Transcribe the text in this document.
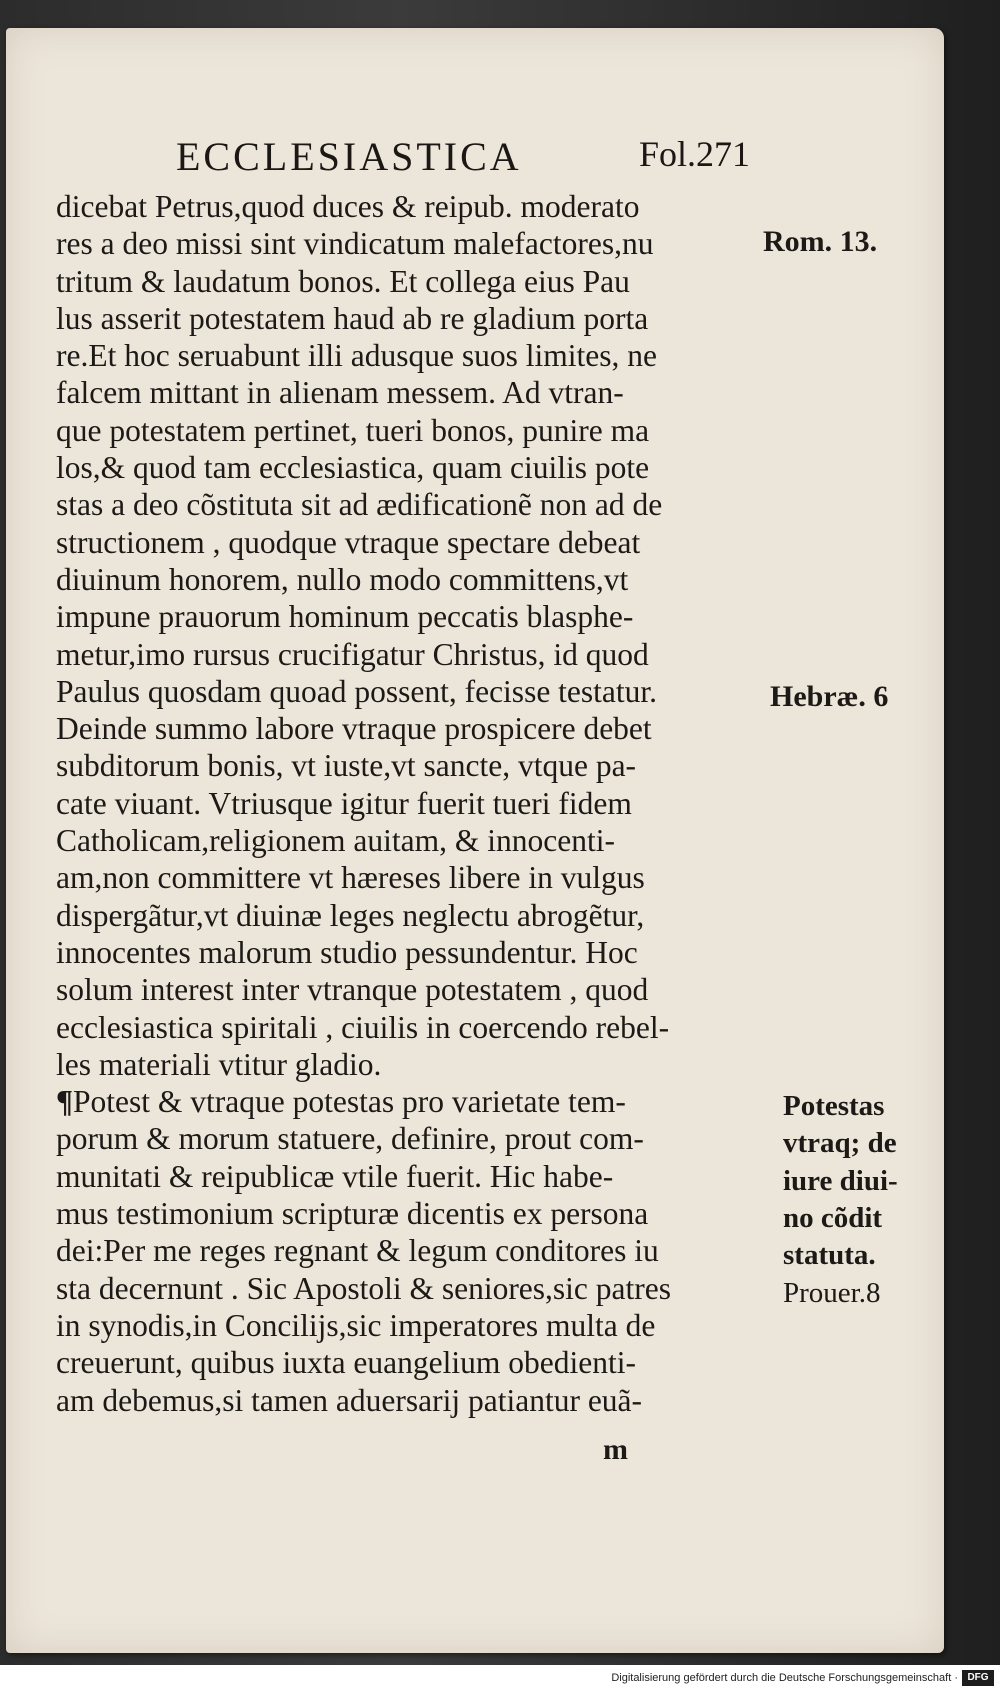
ECCLESIASTICA	Fol.271
dicebat Petrus,quod duces & reipub. moderato
res a deo missi sint vindicatum malefactores,nu
tritum & laudatum bonos. Et collega eius Pau
lus asserit potestatem haud ab re gladium porta
re.Et hoc seruabunt illi adusque suos limites, ne
falcem mittant in alienam messem. Ad vtran-
que potestatem pertinet, tueri bonos, punire ma
los,& quod tam ecclesiastica, quam ciuilis pote
stas a deo cõstituta sit ad ædificationẽ non ad de
structionem , quodque vtraque spectare debeat
diuinum honorem, nullo modo committens,vt
impune prauorum hominum peccatis blasphe-
metur,imo rursus crucifigatur Christus, id quod
Paulus quosdam quoad possent, fecisse testatur.
Deinde summo labore vtraque prospicere debet
subditorum bonis, vt iuste,vt sancte, vtque pa-
cate viuant. Vtriusque igitur fuerit tueri fidem
Catholicam,religionem auitam, & innocenti-
am,non committere vt hæreses libere in vulgus
dispergãtur,vt diuinæ leges neglectu abrogẽtur,
innocentes malorum studio pessundentur. Hoc
solum interest inter vtranque potestatem , quod
ecclesiastica spiritali , ciuilis in coercendo rebel-
les materiali vtitur gladio.
¶Potest & vtraque potestas pro varietate tem-
porum & morum statuere, definire, prout com-
munitati & reipublicæ vtile fuerit. Hic habe-
mus testimonium scripturæ dicentis ex persona
dei:Per me reges regnant & legum conditores iu
sta decernunt . Sic Apostoli & seniores,sic patres
in synodis,in Concilijs,sic imperatores multa de
creuerunt, quibus iuxta euangelium obedienti-
am debemus,si tamen aduersarij patiantur euã-
m
Rom. 13.
Hebræ. 6
Potestas
vtraq; de
iure diui-
no cõdit
statuta.
Prouer.8
Digitalisierung gefördert durch die Deutsche Forschungsgemeinschaft · DFG
